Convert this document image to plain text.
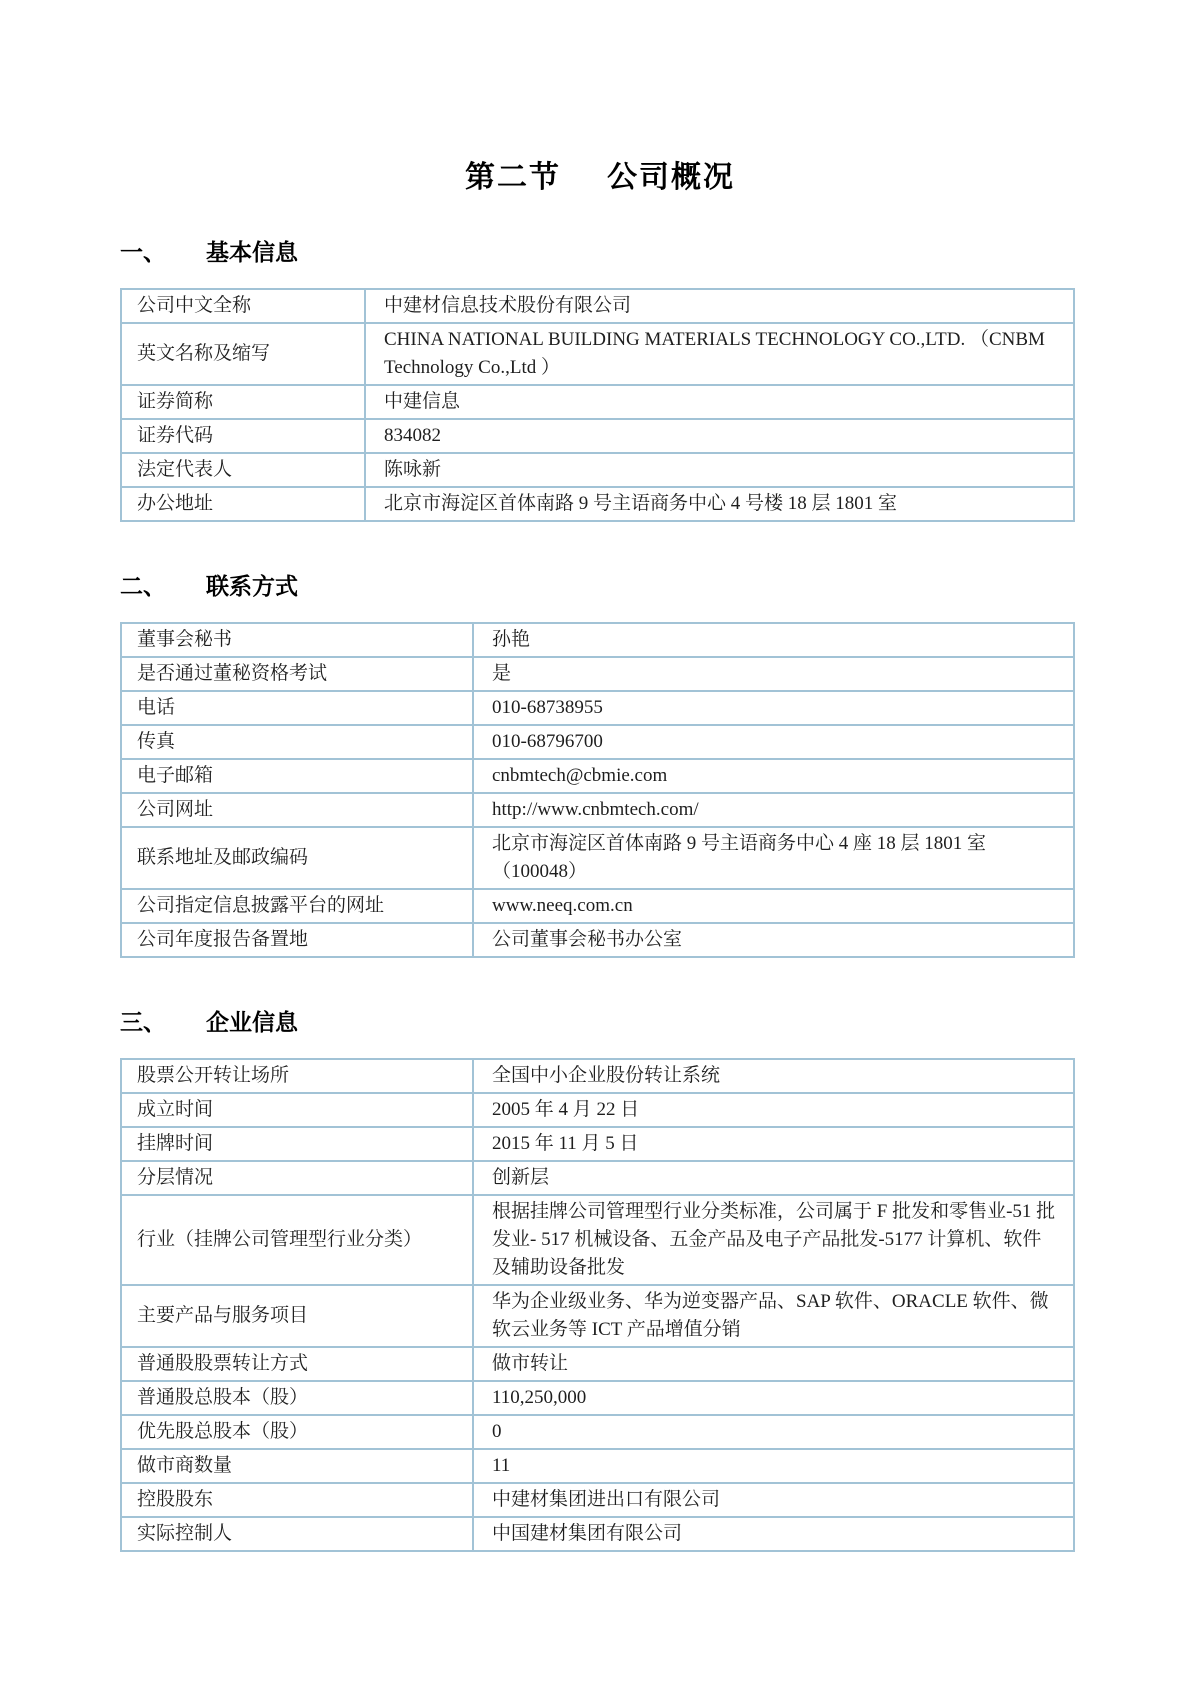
第二节 公司概况
一、 基本信息
公司中文全称	中建材信息技术股份有限公司
英文名称及缩写	CHINA NATIONAL BUILDING MATERIALS TECHNOLOGY CO.,LTD. （CNBM Technology Co.,Ltd ）
证券简称	中建信息
证券代码	834082
法定代表人	陈咏新
办公地址	北京市海淀区首体南路 9 号主语商务中心 4 号楼 18 层 1801 室
二、 联系方式
董事会秘书	孙艳
是否通过董秘资格考试	是
电话	010-68738955
传真	010-68796700
电子邮箱	cnbmtech@cbmie.com
公司网址	http://www.cnbmtech.com/
联系地址及邮政编码	北京市海淀区首体南路 9 号主语商务中心 4 座 18 层 1801 室 （100048）
公司指定信息披露平台的网址	www.neeq.com.cn
公司年度报告备置地	公司董事会秘书办公室
三、 企业信息
股票公开转让场所	全国中小企业股份转让系统
成立时间	2005 年 4 月 22 日
挂牌时间	2015 年 11 月 5 日
分层情况	创新层
行业（挂牌公司管理型行业分类）	根据挂牌公司管理型行业分类标准，公司属于 F 批发和零售业-51 批发业- 517 机械设备、五金产品及电子产品批发-5177 计算机、软件及辅助设备批发
主要产品与服务项目	华为企业级业务、华为逆变器产品、SAP 软件、ORACLE 软件、微软云业务等 ICT 产品增值分销
普通股股票转让方式	做市转让
普通股总股本（股）	110,250,000
优先股总股本（股）	0
做市商数量	11
控股股东	中建材集团进出口有限公司
实际控制人	中国建材集团有限公司
